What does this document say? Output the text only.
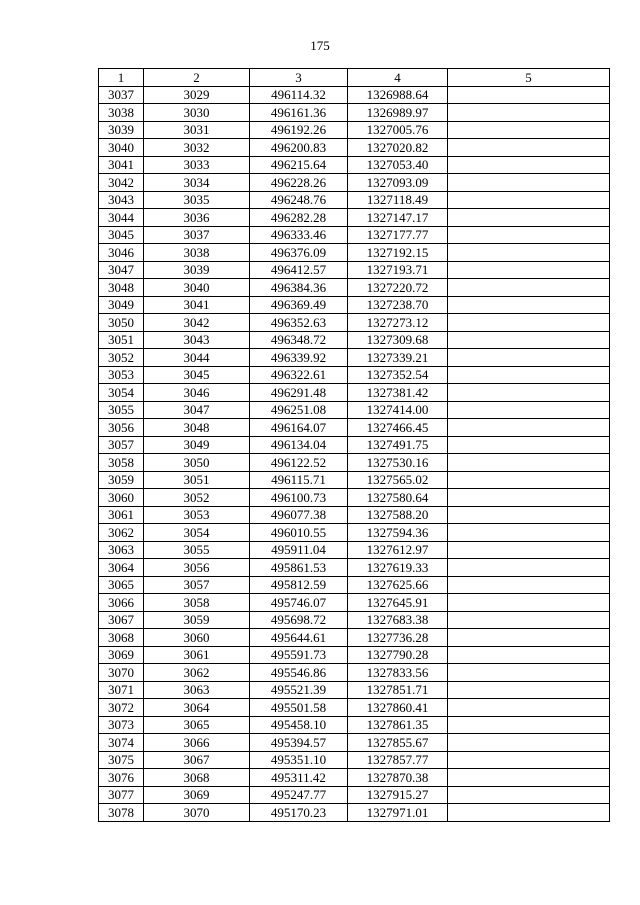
175
1	2	3	4	5
3037	3029	496114.32	1326988.64	
3038	3030	496161.36	1326989.97	
3039	3031	496192.26	1327005.76	
3040	3032	496200.83	1327020.82	
3041	3033	496215.64	1327053.40	
3042	3034	496228.26	1327093.09	
3043	3035	496248.76	1327118.49	
3044	3036	496282.28	1327147.17	
3045	3037	496333.46	1327177.77	
3046	3038	496376.09	1327192.15	
3047	3039	496412.57	1327193.71	
3048	3040	496384.36	1327220.72	
3049	3041	496369.49	1327238.70	
3050	3042	496352.63	1327273.12	
3051	3043	496348.72	1327309.68	
3052	3044	496339.92	1327339.21	
3053	3045	496322.61	1327352.54	
3054	3046	496291.48	1327381.42	
3055	3047	496251.08	1327414.00	
3056	3048	496164.07	1327466.45	
3057	3049	496134.04	1327491.75	
3058	3050	496122.52	1327530.16	
3059	3051	496115.71	1327565.02	
3060	3052	496100.73	1327580.64	
3061	3053	496077.38	1327588.20	
3062	3054	496010.55	1327594.36	
3063	3055	495911.04	1327612.97	
3064	3056	495861.53	1327619.33	
3065	3057	495812.59	1327625.66	
3066	3058	495746.07	1327645.91	
3067	3059	495698.72	1327683.38	
3068	3060	495644.61	1327736.28	
3069	3061	495591.73	1327790.28	
3070	3062	495546.86	1327833.56	
3071	3063	495521.39	1327851.71	
3072	3064	495501.58	1327860.41	
3073	3065	495458.10	1327861.35	
3074	3066	495394.57	1327855.67	
3075	3067	495351.10	1327857.77	
3076	3068	495311.42	1327870.38	
3077	3069	495247.77	1327915.27	
3078	3070	495170.23	1327971.01	
